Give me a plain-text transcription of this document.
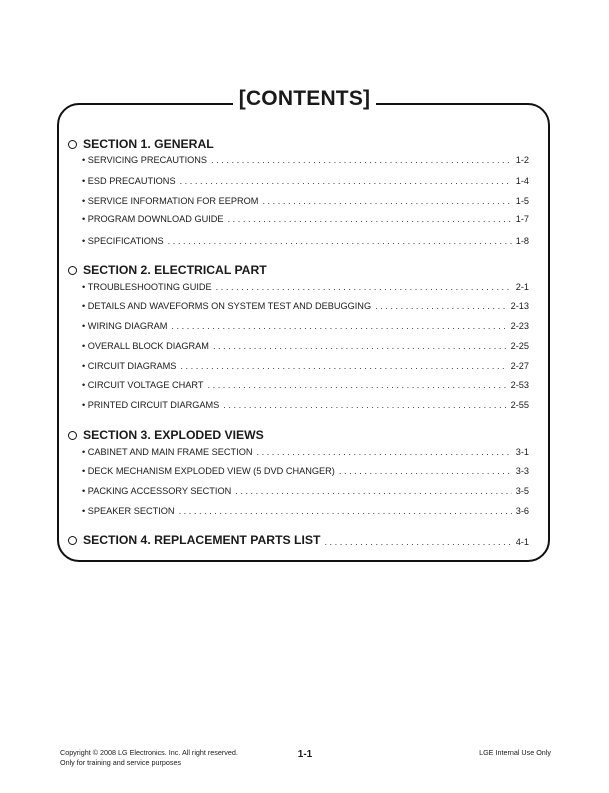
[CONTENTS]
SECTION 1. GENERAL
• SERVICING PRECAUTIONS . . .	1-2
• ESD PRECAUTIONS . . .	1-4
• SERVICE INFORMATION FOR EEPROM . . .	1-5
• PROGRAM DOWNLOAD GUIDE . . .	1-7
• SPECIFICATIONS . . .	1-8
SECTION 2. ELECTRICAL PART
• TROUBLESHOOTING GUIDE . . .	2-1
• DETAILS AND WAVEFORMS ON SYSTEM TEST AND DEBUGGING . . .	2-13
• WIRING DIAGRAM . . .	2-23
• OVERALL BLOCK DIAGRAM . . .	2-25
• CIRCUIT DIAGRAMS . . .	2-27
• CIRCUIT VOLTAGE CHART . . .	2-53
• PRINTED CIRCUIT DIARGAMS . . .	2-55
SECTION 3. EXPLODED VIEWS
• CABINET AND MAIN FRAME SECTION . . .	3-1
• DECK MECHANISM EXPLODED VIEW (5 DVD CHANGER) . . .	3-3
• PACKING ACCESSORY SECTION . . .	3-5
• SPEAKER SECTION . . .	3-6
SECTION 4. REPLACEMENT PARTS LIST . . .	4-1
Copyright © 2008 LG Electronics. Inc. All right reserved.
Only for training and service purposes
1-1	LGE Internal Use Only
